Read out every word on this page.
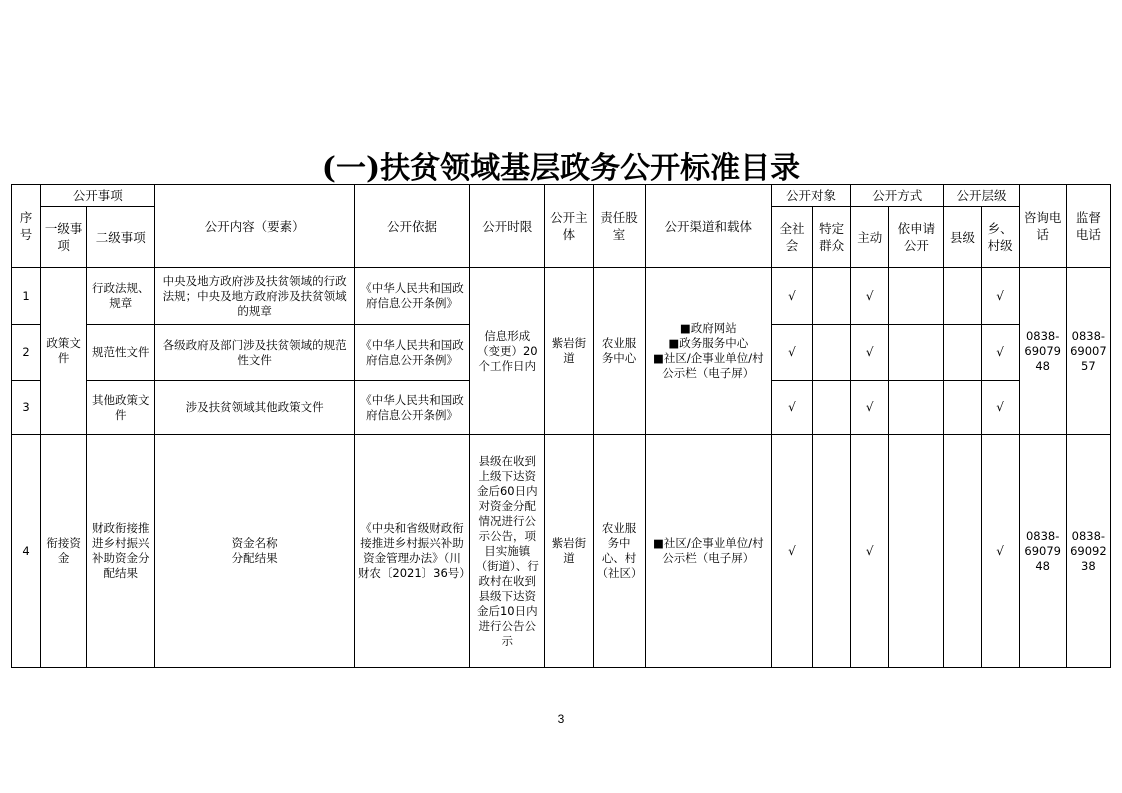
(一)扶贫领域基层政务公开标准目录
序号	公开事项		公开内容（要素）	公开依据	公开时限	公开主体	责任股室	公开渠道和载体	公开对象		公开方式		公开层级		咨询电话	监督电话
	一级事项	二级事项							全社会	特定群众	主动	依申请公开	县级	乡、村级		
1	政策文件	行政法规、规章	中央及地方政府涉及扶贫领域的行政法规；中央及地方政府涉及扶贫领域的规章	《中华人民共和国政府信息公开条例》	信息形成（变更）20个工作日内	紫岩街道	农业服务中心	■政府网站
■政务服务中心
■社区/企事业单位/村公示栏（电子屏）	√		√			√	0838-69079 48	0838-69007 57
2		规范性文件	各级政府及部门涉及扶贫领域的规范性文件	《中华人民共和国政府信息公开条例》					√		√			√		
3		其他政策文件	涉及扶贫领域其他政策文件	《中华人民共和国政府信息公开条例》					√		√			√		
4	衔接资金	财政衔接推进乡村振兴补助资金分配结果	资金名称
分配结果	《中央和省级财政衔接推进乡村振兴补助资金管理办法》（川财农〔2021〕36号）	县级在收到上级下达资金后60日内对资金分配情况进行公示公告，项目实施镇（街道）、行政村在收到县级下达资金后10日内进行公告公示	紫岩街道	农业服务中心、村（社区）	■社区/企事业单位/村公示栏（电子屏）	√		√			√	0838-69079 48	0838-69092 38
3
